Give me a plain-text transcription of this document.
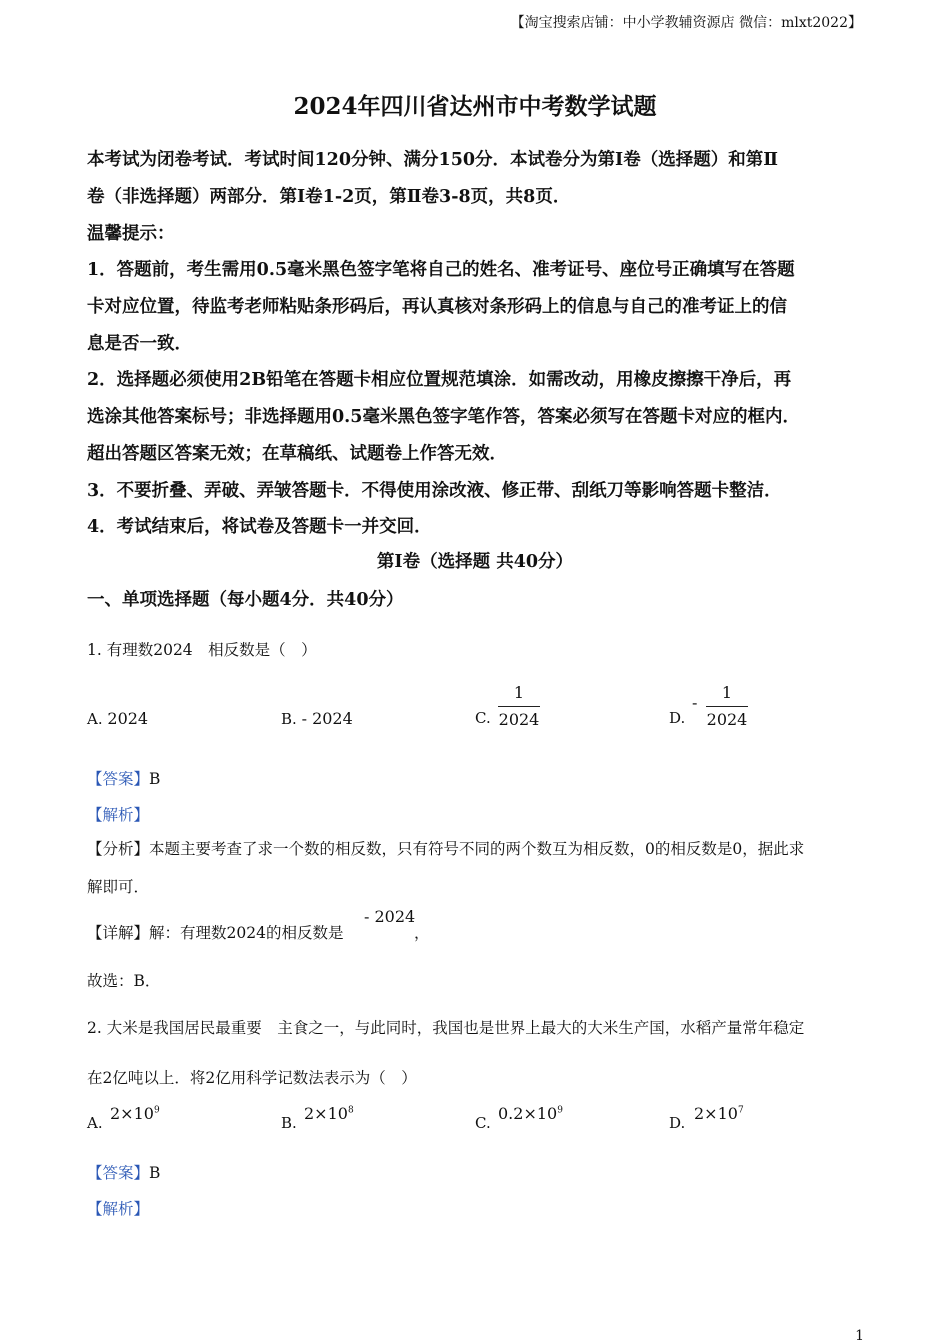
【淘宝搜索店铺：中小学教辅资源店 微信：mlxt2022】
2024年四川省达州市中考数学试题
本考试为闭卷考试．考试时间120分钟、满分150分．本试卷分为第Ⅰ卷（选择题）和第Ⅱ
卷（非选择题）两部分．第Ⅰ卷1-2页，第Ⅱ卷3-8页，共8页．
温馨提示：
1．答题前，考生需用0.5毫米黑色签字笔将自己的姓名、准考证号、座位号正确填写在答题
卡对应位置，待监考老师粘贴条形码后，再认真核对条形码上的信息与自己的准考证上的信
息是否一致．
2．选择题必须使用2B铅笔在答题卡相应位置规范填涂．如需改动，用橡皮擦擦干净后，再
选涂其他答案标号；非选择题用0.5毫米黑色签字笔作答，答案必须写在答题卡对应的框内．
超出答题区答案无效；在草稿纸、试题卷上作答无效．
3．不要折叠、弄破、弄皱答题卡．不得使用涂改液、修正带、刮纸刀等影响答题卡整洁．
4．考试结束后，将试卷及答题卡一并交回．
第Ⅰ卷（选择题 共40分）
一、单项选择题（每小题4分．共40分）
1. 有理数2024　相反数是（　）
A. 2024	B. - 2024	C.
1
2024	D.
-
1
2024
【答案】B
【解析】
【分析】本题主要考查了求一个数的相反数，只有符号不同的两个数互为相反数，0的相反数是0，据此求
解即可．
【详解】解：有理数2024的相反数是
- 2024
，
故选：B．
2. 大米是我国居民最重要　主食之一，与此同时，我国也是世界上最大的大米生产国，水稻产量常年稳定
在2亿吨以上．将2亿用科学记数法表示为（　）
A. $2\times 10^9$
B. $2\times 10^8$
C. $0.2\times 10^9$
D. $2\times 10^7$
【答案】B
【解析】
1
